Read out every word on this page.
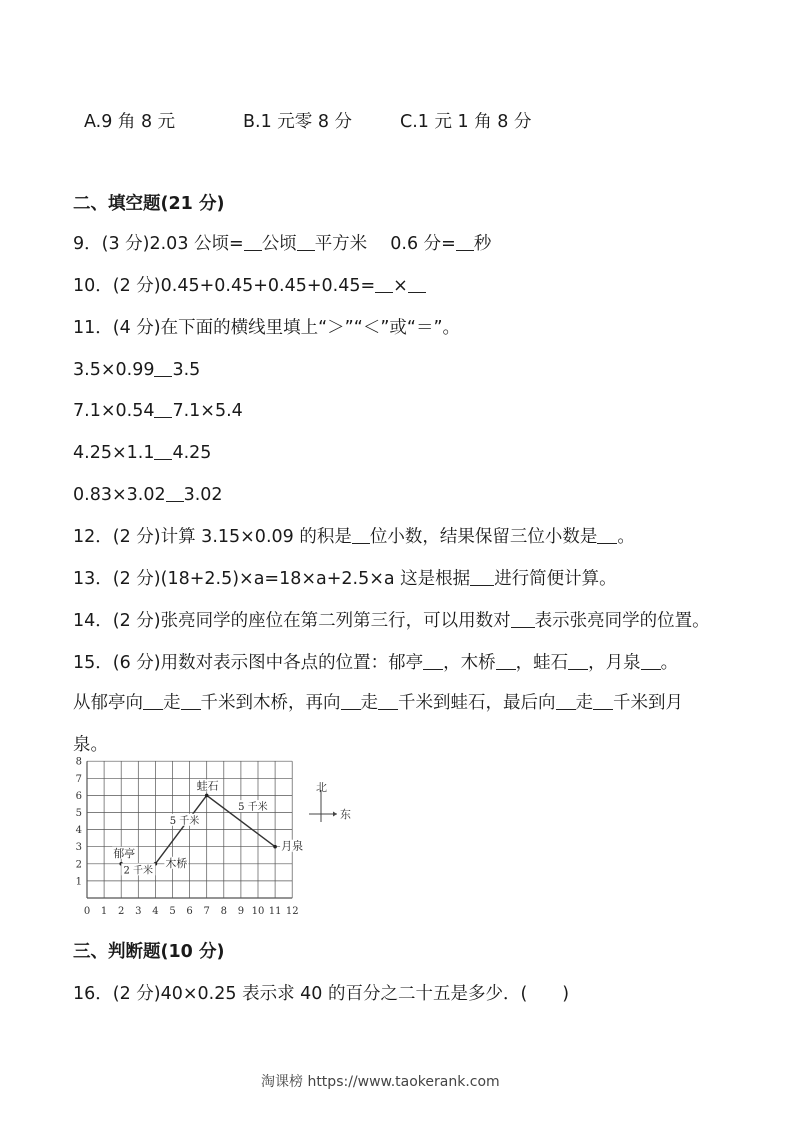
A.9 角 8 元	B.1 元零 8 分	C.1 元 1 角 8 分
二、填空题(21 分)
9．(3 分)2.03 公顷= 公顷 平方米　 0.6 分= 秒
10．(2 分)0.45+0.45+0.45+0.45= ×
11．(4 分)在下面的横线里填上“＞”“＜”或“＝”。
3.5×0.99 3.5
7.1×0.54 7.1×5.4
4.25×1.1 4.25
0.83×3.02 3.02
12．(2 分)计算 3.15×0.09 的积是 位小数，结果保留三位小数是 。
13．(2 分)(18+2.5)×a=18×a+2.5×a 这是根据 进行简便计算。
14．(2 分)张亮同学的座位在第二列第三行，可以用数对 表示张亮同学的位置。
15．(6 分)用数对表示图中各点的位置：郁亭 ，木桥 ，蛙石 ，月泉 。
从郁亭向 走 千米到木桥，再向 走 千米到蛙石，最后向 走 千米到月
泉。
0 1 2 3 4 5 6 7 8 9 10 11 12
1
2
3
4
5
6
7
8
郁亭
木桥
蛙石
月泉
2 千米
5 千米
5 千米
北
东
三、判断题(10 分)
16．(2 分)40×0.25 表示求 40 的百分之二十五是多少．(　　)
淘课榜 https://www.taokerank.com
